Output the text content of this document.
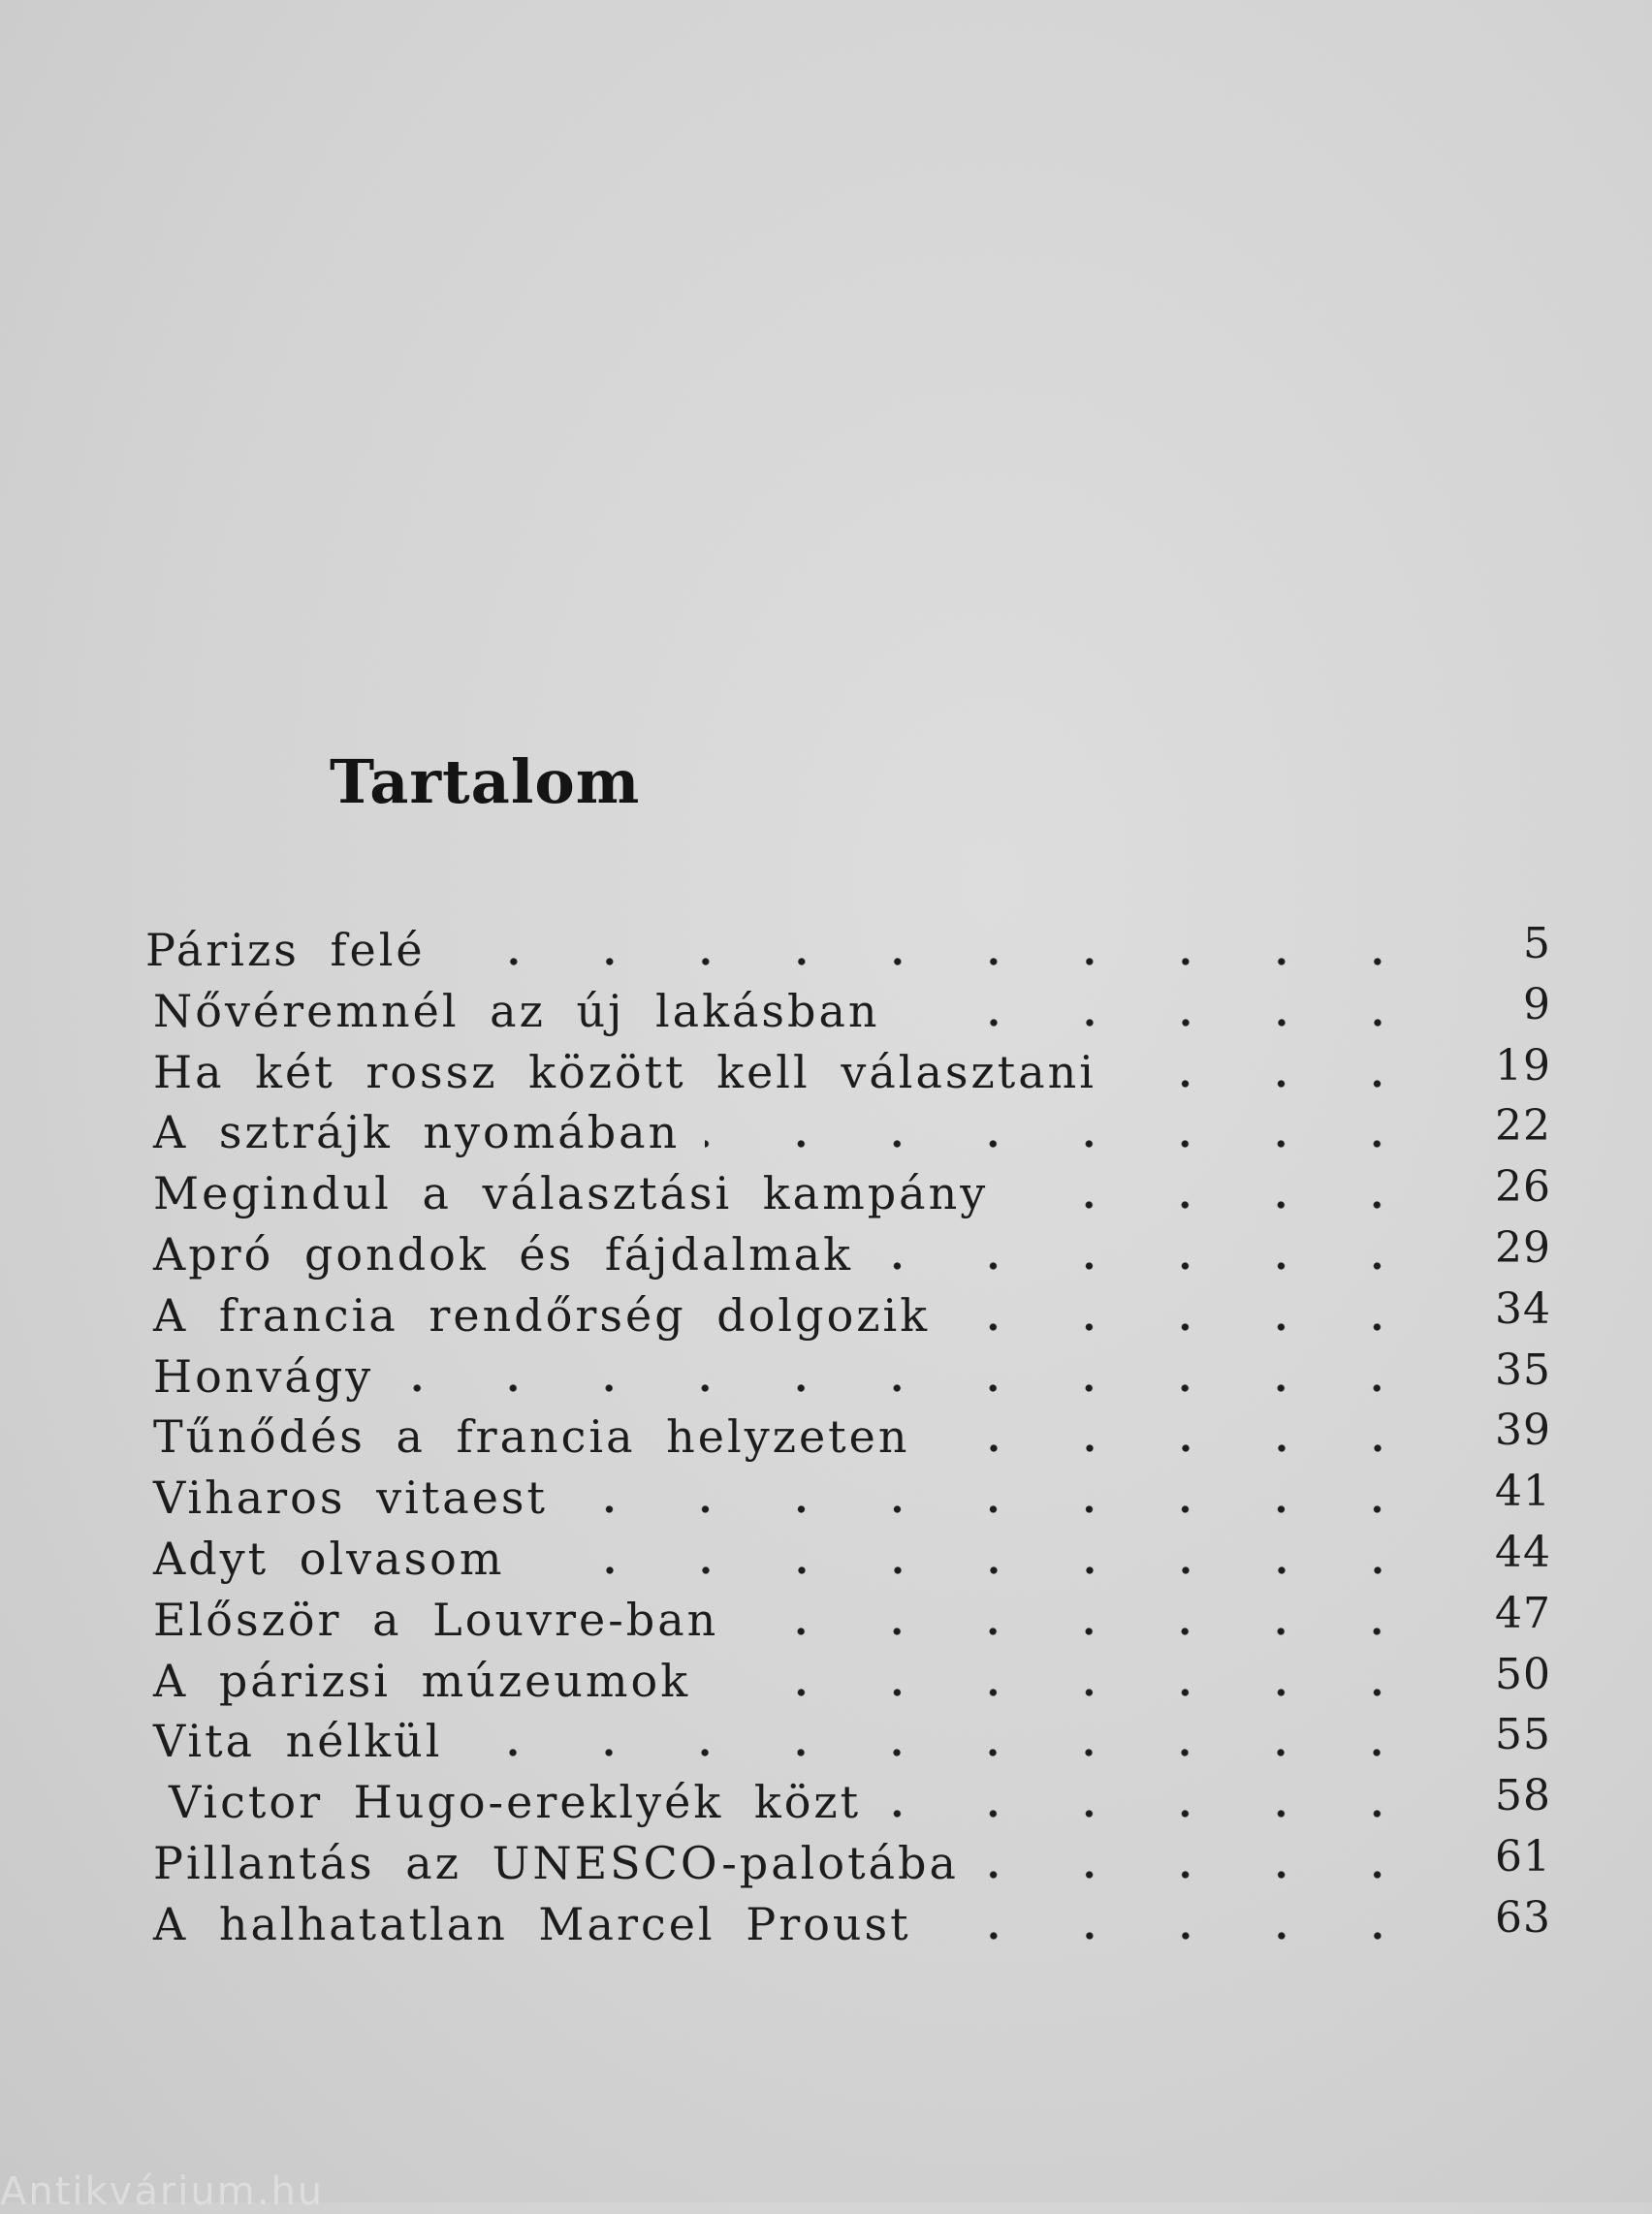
Tartalom
Párizs felé	5
Nővéremnél az új lakásban	9
Ha két rossz között kell választani	19
A sztrájk nyomában	22
Megindul a választási kampány	26
Apró gondok és fájdalmak	29
A francia rendőrség dolgozik	34
Honvágy	35
Tűnődés a francia helyzeten	39
Viharos vitaest	41
Adyt olvasom	44
Először a Louvre-ban	47
A párizsi múzeumok	50
Vita nélkül	55
Victor Hugo-ereklyék közt	58
Pillantás az UNESCO-palotába	61
A halhatatlan Marcel Proust	63
Antikvárium.hu
